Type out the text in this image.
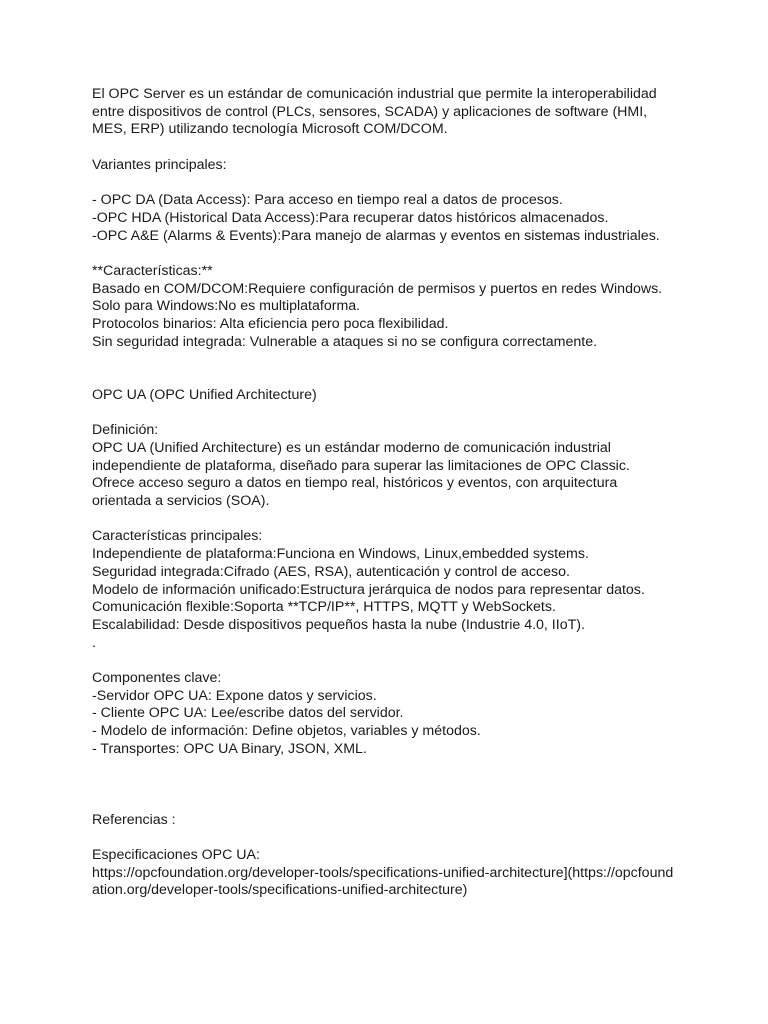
El OPC Server es un estándar de comunicación industrial que permite la interoperabilidad
entre dispositivos de control (PLCs, sensores, SCADA) y aplicaciones de software (HMI,
MES, ERP) utilizando tecnología Microsoft COM/DCOM.
Variantes principales:
- OPC DA (Data Access): Para acceso en tiempo real a datos de procesos.
-OPC HDA (Historical Data Access):Para recuperar datos históricos almacenados.
-OPC A&E (Alarms & Events):Para manejo de alarmas y eventos en sistemas industriales.
**Características:**
Basado en COM/DCOM:Requiere configuración de permisos y puertos en redes Windows.
Solo para Windows:No es multiplataforma.
Protocolos binarios: Alta eficiencia pero poca flexibilidad.
Sin seguridad integrada: Vulnerable a ataques si no se configura correctamente.
OPC UA (OPC Unified Architecture)
Definición:
OPC UA (Unified Architecture) es un estándar moderno de comunicación industrial
independiente de plataforma, diseñado para superar las limitaciones de OPC Classic.
Ofrece acceso seguro a datos en tiempo real, históricos y eventos, con arquitectura
orientada a servicios (SOA).
Características principales:
Independiente de plataforma:Funciona en Windows, Linux,embedded systems.
Seguridad integrada:Cifrado (AES, RSA), autenticación y control de acceso.
Modelo de información unificado:Estructura jerárquica de nodos para representar datos.
Comunicación flexible:Soporta **TCP/IP**, HTTPS, MQTT y WebSockets.
Escalabilidad: Desde dispositivos pequeños hasta la nube (Industrie 4.0, IIoT).
.
Componentes clave:
-Servidor OPC UA: Expone datos y servicios.
- Cliente OPC UA: Lee/escribe datos del servidor.
- Modelo de información: Define objetos, variables y métodos.
- Transportes: OPC UA Binary, JSON, XML.
Referencias :
Especificaciones OPC UA:
https://opcfoundation.org/developer-tools/specifications-unified-architecture](https://opcfound
ation.org/developer-tools/specifications-unified-architecture)
